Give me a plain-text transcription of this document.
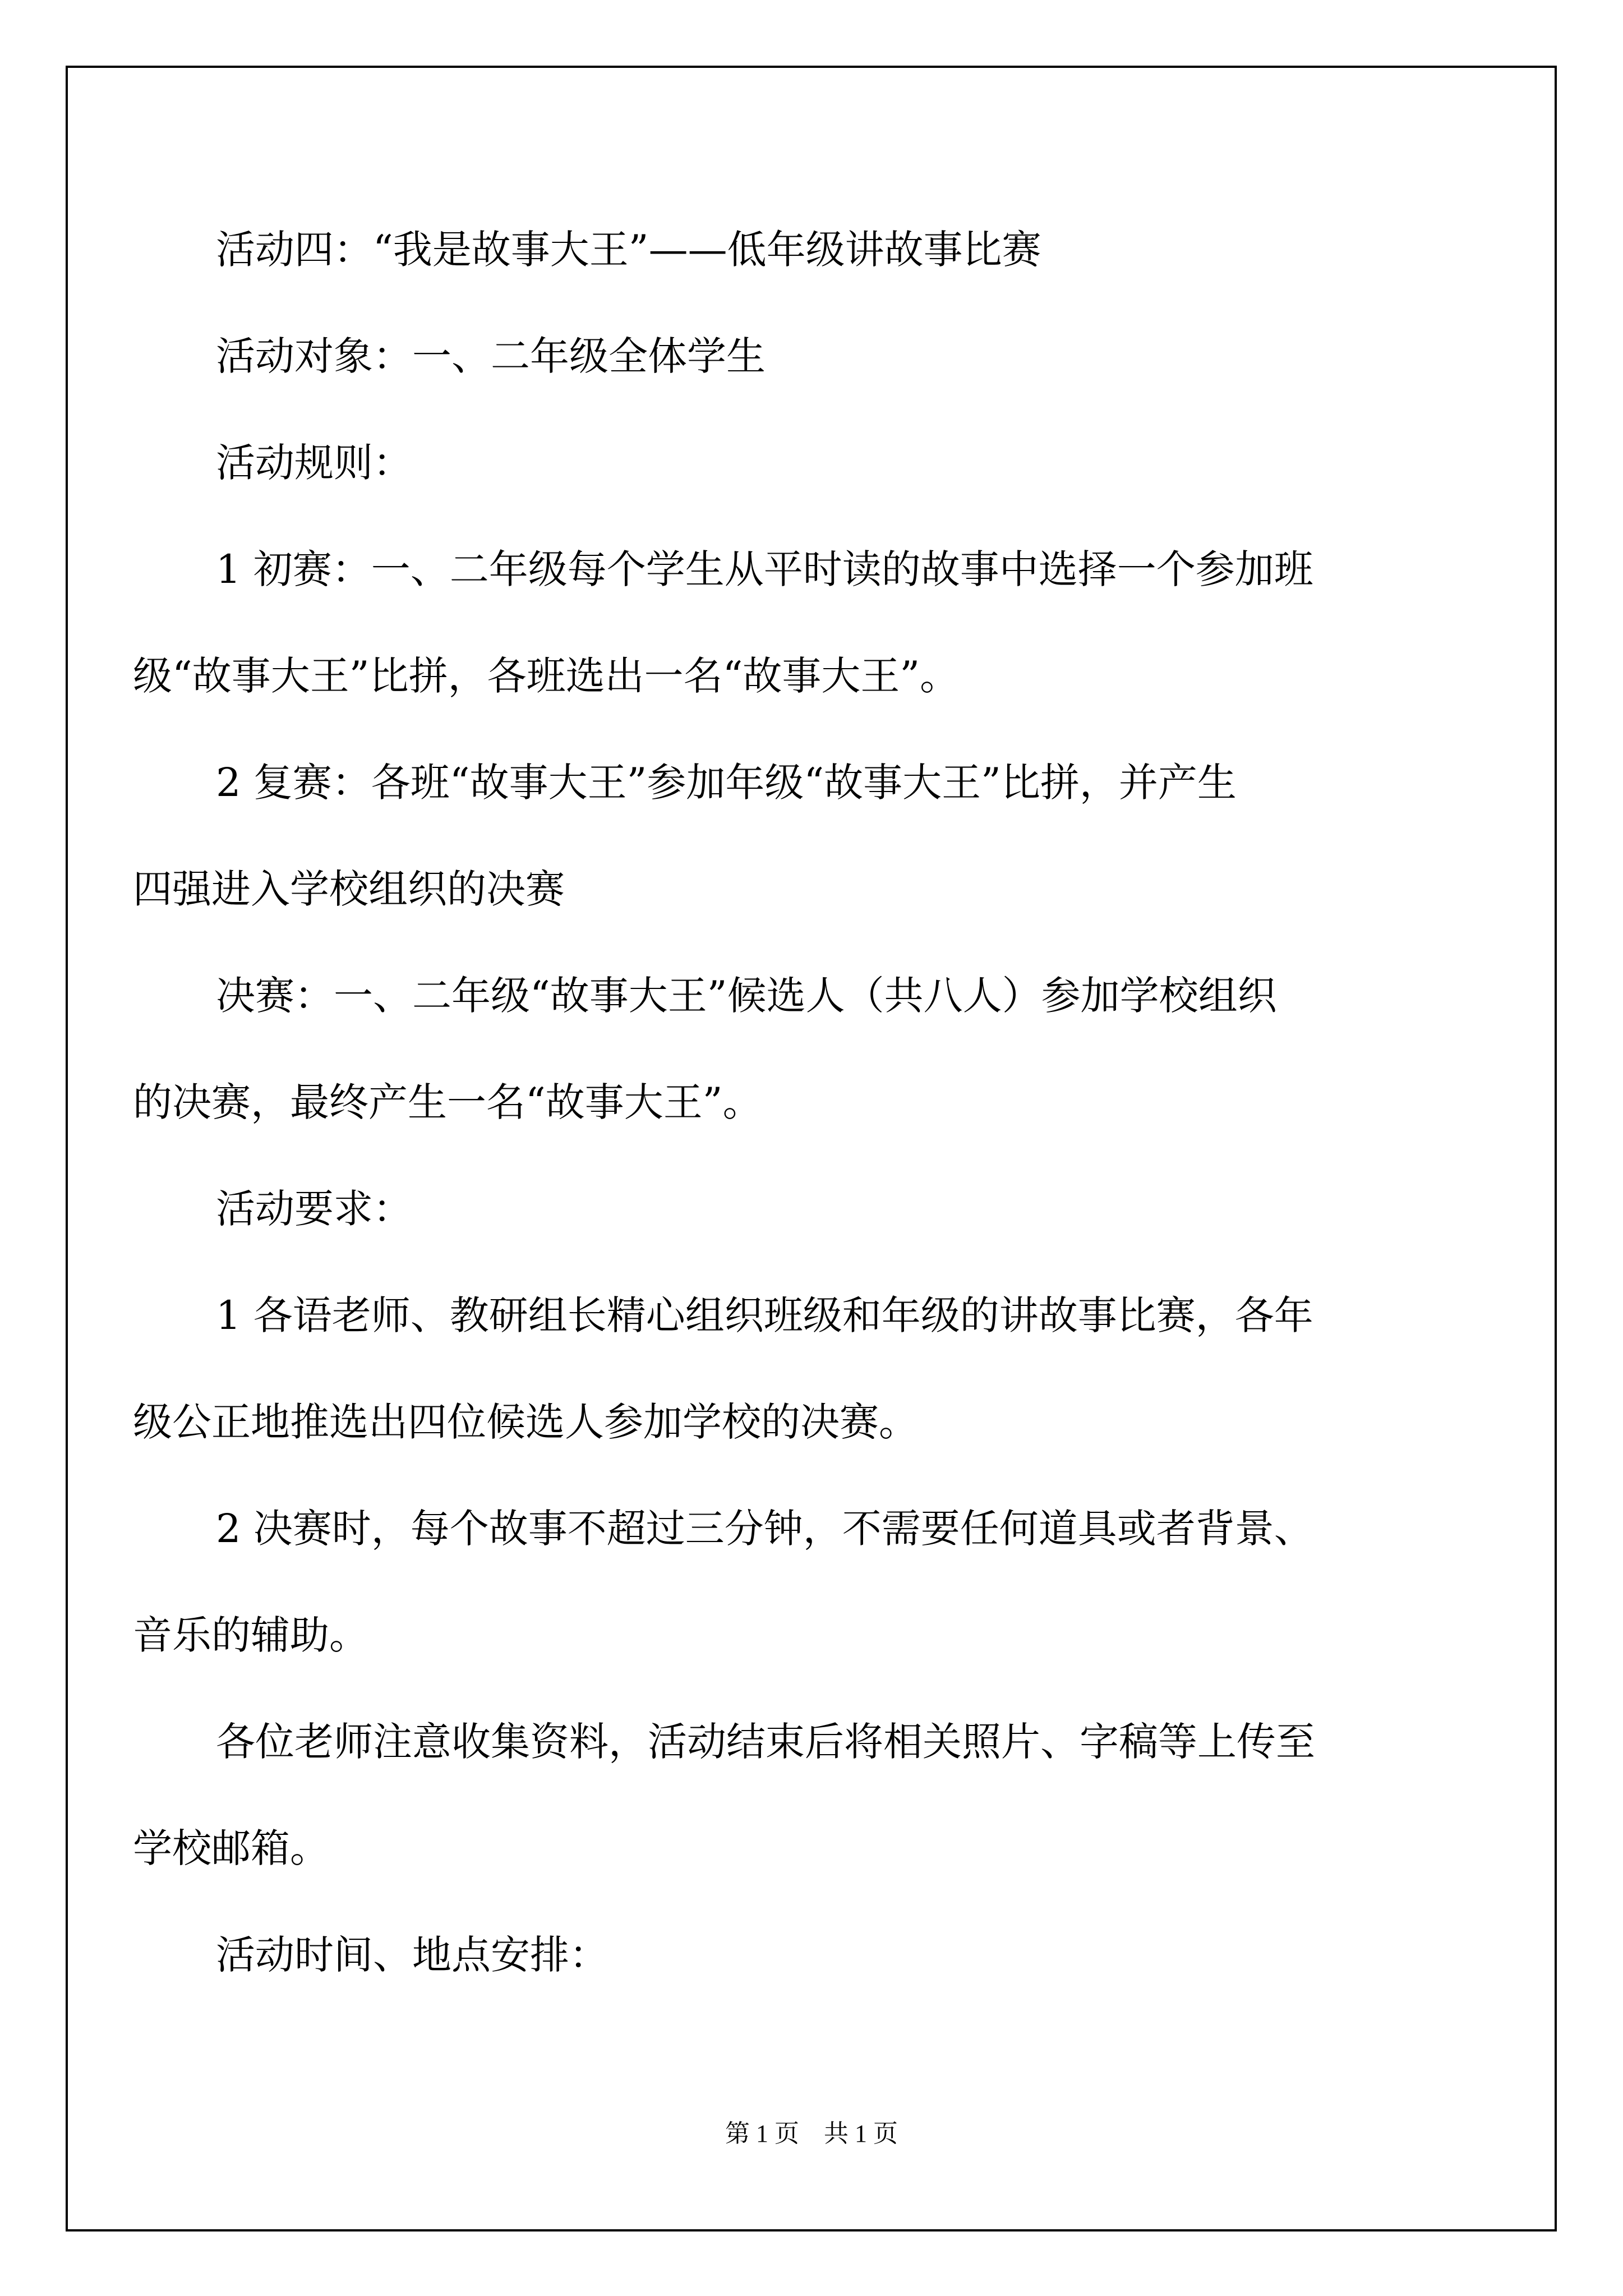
活动四：“我是故事大王”——低年级讲故事比赛
活动对象：一、二年级全体学生
活动规则：
1 初赛：一、二年级每个学生从平时读的故事中选择一个参加班
级“故事大王”比拼，各班选出一名“故事大王”。
2 复赛：各班“故事大王”参加年级“故事大王”比拼，并产生
四强进入学校组织的决赛
决赛：一、二年级“故事大王”候选人（共八人）参加学校组织
的决赛，最终产生一名“故事大王”。
活动要求：
1 各语老师、教研组长精心组织班级和年级的讲故事比赛，各年
级公正地推选出四位候选人参加学校的决赛。
2 决赛时，每个故事不超过三分钟，不需要任何道具或者背景、
音乐的辅助。
各位老师注意收集资料，活动结束后将相关照片、字稿等上传至
学校邮箱。
活动时间、地点安排：
第 1 页　共 1 页
